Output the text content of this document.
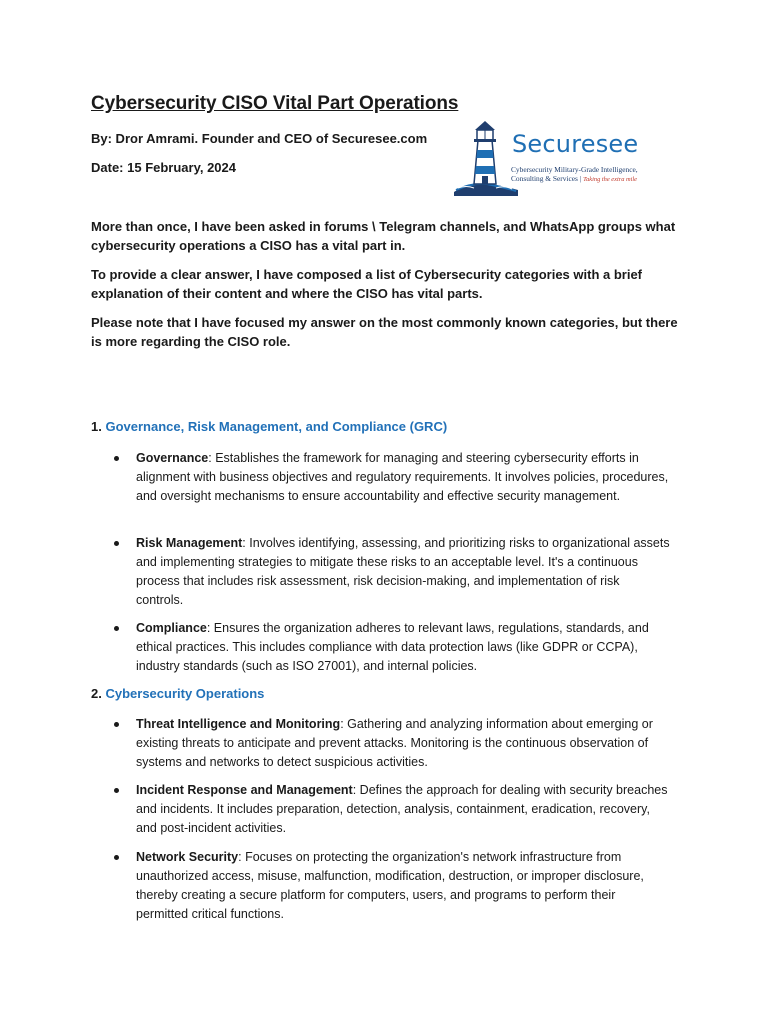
Cybersecurity CISO Vital Part Operations

By: Dror Amrami. Founder and CEO of Securesee.com

Date: 15 February, 2024

Securesee
Cybersecurity Military-Grade Intelligence,
Consulting & Services | Taking the extra mile

More than once, I have been asked in forums \ Telegram channels, and WhatsApp groups what cybersecurity operations a CISO has a vital part in.

To provide a clear answer, I have composed a list of Cybersecurity categories with a brief explanation of their content and where the CISO has vital parts.

Please note that I have focused my answer on the most commonly known categories, but there is more regarding the CISO role.

1. Governance, Risk Management, and Compliance (GRC)

Governance: Establishes the framework for managing and steering cybersecurity efforts in alignment with business objectives and regulatory requirements. It involves policies, procedures, and oversight mechanisms to ensure accountability and effective security management.
Risk Management: Involves identifying, assessing, and prioritizing risks to organizational assets and implementing strategies to mitigate these risks to an acceptable level. It's a continuous process that includes risk assessment, risk decision-making, and implementation of risk controls.
Compliance: Ensures the organization adheres to relevant laws, regulations, standards, and ethical practices. This includes compliance with data protection laws (like GDPR or CCPA), industry standards (such as ISO 27001), and internal policies.

2. Cybersecurity Operations

Threat Intelligence and Monitoring: Gathering and analyzing information about emerging or existing threats to anticipate and prevent attacks. Monitoring is the continuous observation of systems and networks to detect suspicious activities.
Incident Response and Management: Defines the approach for dealing with security breaches and incidents. It includes preparation, detection, analysis, containment, eradication, recovery, and post-incident activities.
Network Security: Focuses on protecting the organization's network infrastructure from unauthorized access, misuse, malfunction, modification, destruction, or improper disclosure, thereby creating a secure platform for computers, users, and programs to perform their permitted critical functions.
